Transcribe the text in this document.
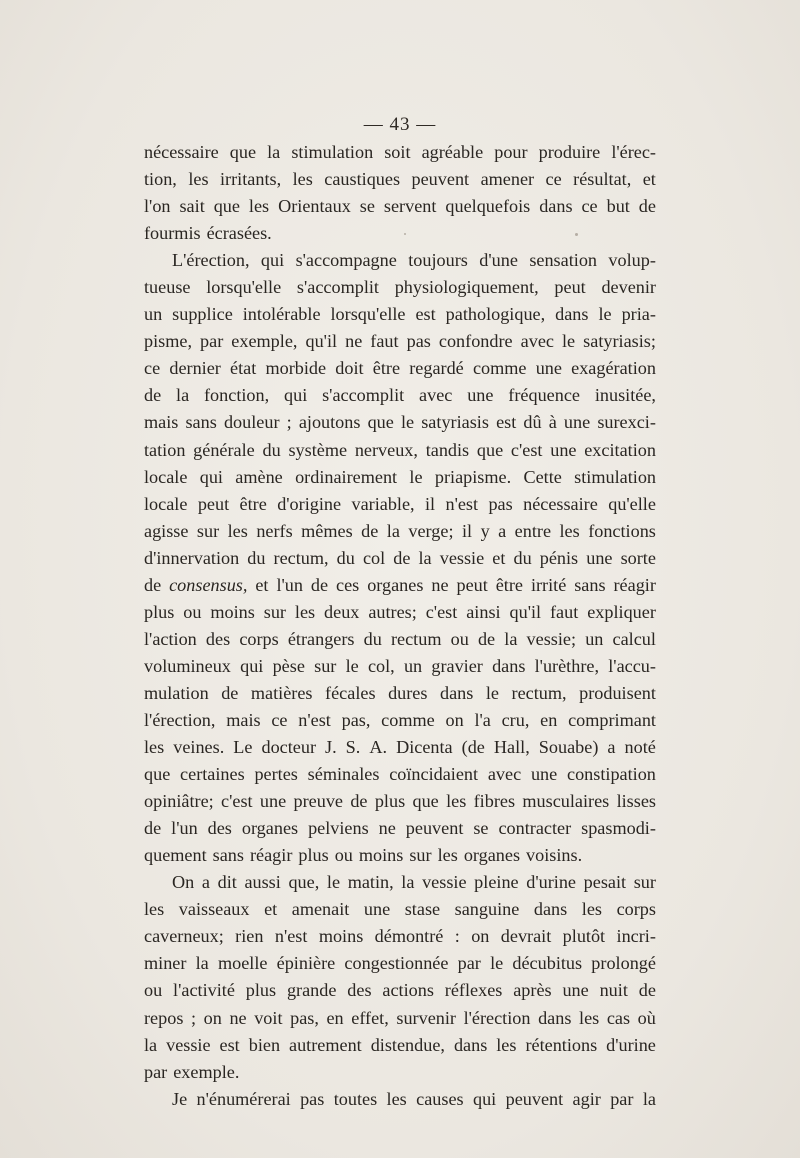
— 43 —
nécessaire que la stimulation soit agréable pour produire l'érec-
tion, les irritants, les caustiques peuvent amener ce résultat, et
l'on sait que les Orientaux se servent quelquefois dans ce but de
fourmis écrasées.
L'érection, qui s'accompagne toujours d'une sensation volup-
tueuse lorsqu'elle s'accomplit physiologiquement, peut devenir
un supplice intolérable lorsqu'elle est pathologique, dans le pria-
pisme, par exemple, qu'il ne faut pas confondre avec le satyriasis;
ce dernier état morbide doit être regardé comme une exagération
de la fonction, qui s'accomplit avec une fréquence inusitée,
mais sans douleur ; ajoutons que le satyriasis est dû à une surexci-
tation générale du système nerveux, tandis que c'est une excitation
locale qui amène ordinairement le priapisme. Cette stimulation
locale peut être d'origine variable, il n'est pas nécessaire qu'elle
agisse sur les nerfs mêmes de la verge; il y a entre les fonctions
d'innervation du rectum, du col de la vessie et du pénis une sorte
de consensus, et l'un de ces organes ne peut être irrité sans réagir
plus ou moins sur les deux autres; c'est ainsi qu'il faut expliquer
l'action des corps étrangers du rectum ou de la vessie; un calcul
volumineux qui pèse sur le col, un gravier dans l'urèthre, l'accu-
mulation de matières fécales dures dans le rectum, produisent
l'érection, mais ce n'est pas, comme on l'a cru, en comprimant
les veines. Le docteur J. S. A. Dicenta (de Hall, Souabe) a noté
que certaines pertes séminales coïncidaient avec une constipation
opiniâtre; c'est une preuve de plus que les fibres musculaires lisses
de l'un des organes pelviens ne peuvent se contracter spasmodi-
quement sans réagir plus ou moins sur les organes voisins.
On a dit aussi que, le matin, la vessie pleine d'urine pesait sur
les vaisseaux et amenait une stase sanguine dans les corps
caverneux; rien n'est moins démontré : on devrait plutôt incri-
miner la moelle épinière congestionnée par le décubitus prolongé
ou l'activité plus grande des actions réflexes après une nuit de
repos ; on ne voit pas, en effet, survenir l'érection dans les cas où
la vessie est bien autrement distendue, dans les rétentions d'urine
par exemple.
Je n'énumérerai pas toutes les causes qui peuvent agir par la
